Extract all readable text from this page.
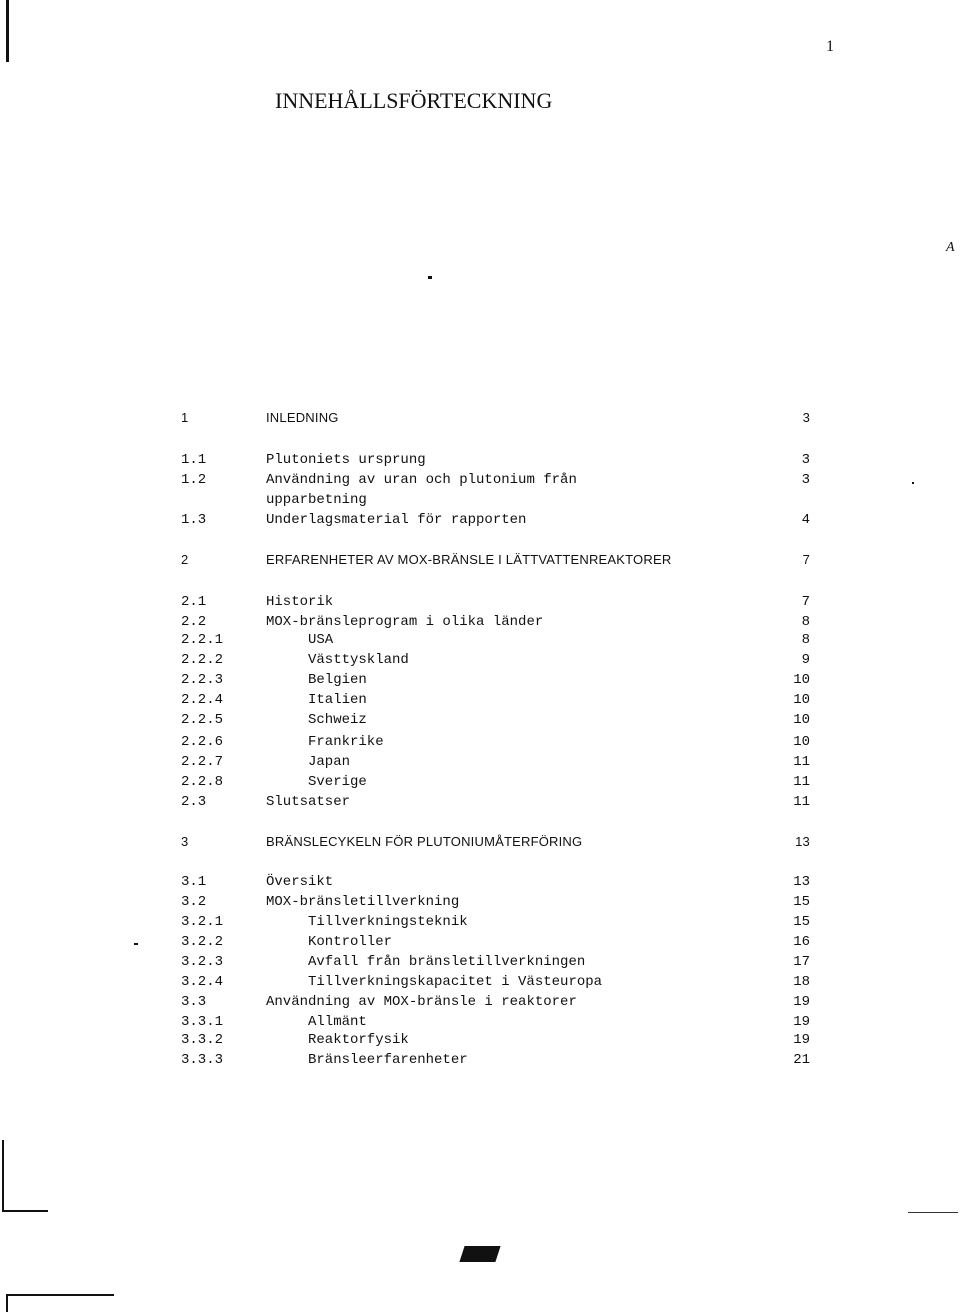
1
INNEHÅLLSFÖRTECKNING
1	INLEDNING	3
1.1	Plutoniets ursprung	3
1.2	Användning av uran och plutonium från	3
upparbetning
1.3	Underlagsmaterial för rapporten	4
2	ERFARENHETER AV MOX-BRÄNSLE I LÄTTVATTENREAKTORER	7
2.1	Historik	7
2.2	MOX-bränsleprogram i olika länder	8
2.2.1	USA	8
2.2.2	Västtyskland	9
2.2.3	Belgien	10
2.2.4	Italien	10
2.2.5	Schweiz	10
2.2.6	Frankrike	10
2.2.7	Japan	11
2.2.8	Sverige	11
2.3	Slutsatser	11
3	BRÄNSLECYKELN FÖR PLUTONIUMÅTERFÖRING	13
3.1	Översikt	13
3.2	MOX-bränsletillverkning	15
3.2.1	Tillverkningsteknik	15
3.2.2	Kontroller	16
3.2.3	Avfall från bränsletillverkningen	17
3.2.4	Tillverkningskapacitet i Västeuropa	18
3.3	Användning av MOX-bränsle i reaktorer	19
3.3.1	Allmänt	19
3.3.2	Reaktorfysik	19
3.3.3	Bränsleerfarenheter	21
A
